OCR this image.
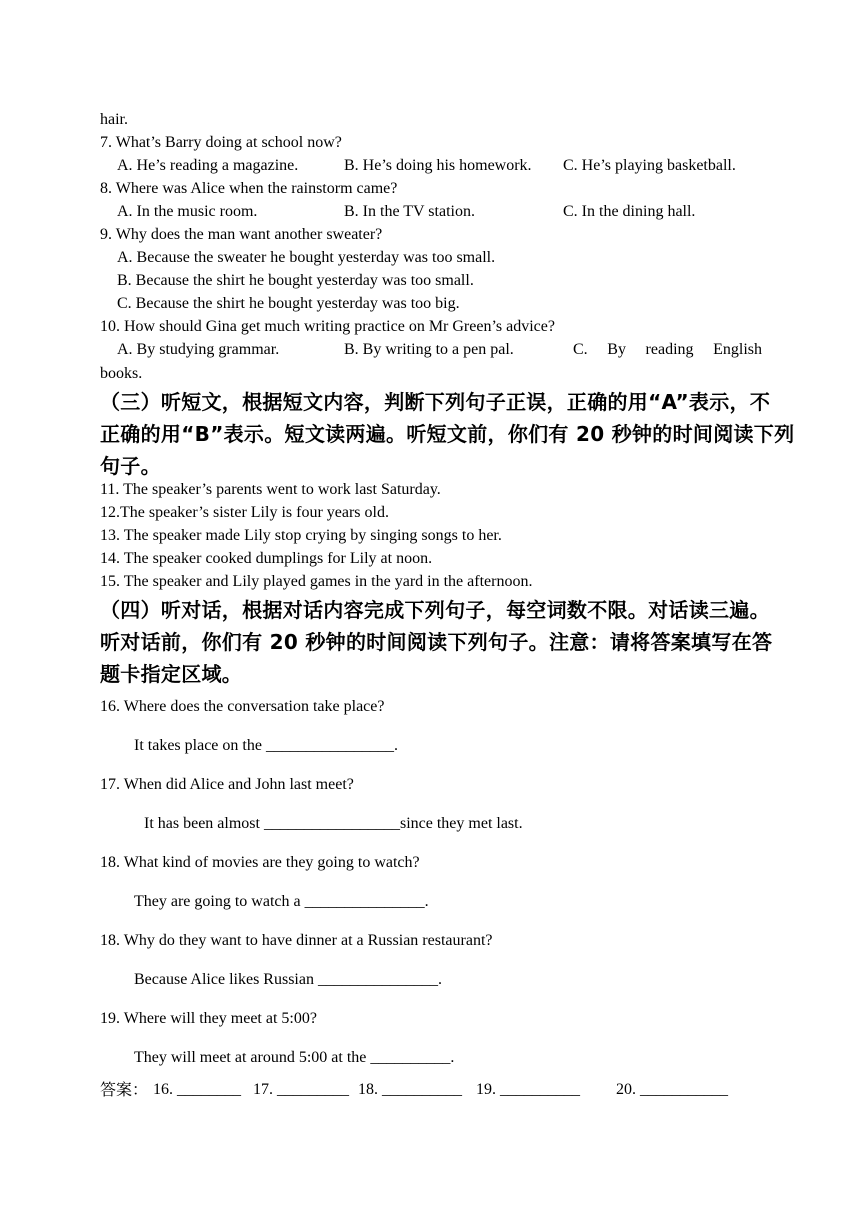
hair.
7. What’s Barry doing at school now?
A. He’s reading a magazine.	B. He’s doing his homework. C. He’s playing basketball.
8. Where was Alice when the rainstorm came?
A. In the music room.	B. In the TV station.	C. In the dining hall.
9. Why does the man want another sweater?
A. Because the sweater he bought yesterday was too small.
B. Because the shirt he bought yesterday was too small.
C. Because the shirt he bought yesterday was too big.
10. How should Gina get much writing practice on Mr Green’s advice?
A. By studying grammar.	B. By writing to a pen pal.	C. By reading English
books.
（三）听短文，根据短文内容，判断下列句子正误，正确的用“A”表示，不
正确的用“B”表示。短文读两遍。听短文前，你们有 20 秒钟的时间阅读下列
句子。
11. The speaker’s parents went to work last Saturday.
12.The speaker’s sister Lily is four years old.
13. The speaker made Lily stop crying by singing songs to her.
14. The speaker cooked dumplings for Lily at noon.
15. The speaker and Lily played games in the yard in the afternoon.
（四）听对话，根据对话内容完成下列句子，每空词数不限。对话读三遍。
听对话前，你们有 20 秒钟的时间阅读下列句子。注意：请将答案填写在答
题卡指定区域。
16. Where does the conversation take place?
It takes place on the ________________.
17. When did Alice and John last meet?
It has been almost _________________since they met last.
18. What kind of movies are they going to watch?
They are going to watch a _______________.
18. Why do they want to have dinner at a Russian restaurant?
Because Alice likes Russian _______________.
19. Where will they meet at 5:00?
They will meet at around 5:00 at the __________.
答案： 16. ________ 17. _________ 18. __________ 19. __________ 20. ___________
